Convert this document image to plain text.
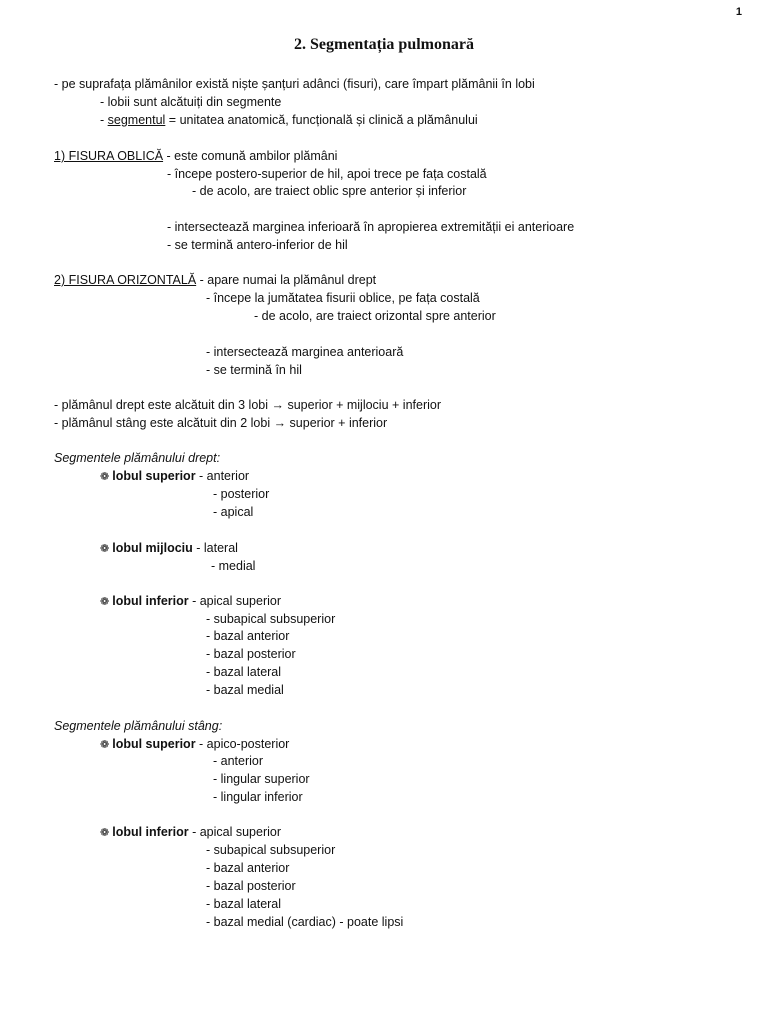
1
2. Segmentația pulmonară
- pe suprafața plămânilor există niște șanțuri adânci (fisuri), care împart plămânii în lobi
- lobii sunt alcătuiți din segmente
- segmentul = unitatea anatomică, funcțională și clinică a plămânului
1) FISURA OBLICĂ - este comună ambilor plămâni
- începe postero-superior de hil, apoi trece pe fața costală
- de acolo, are traiect oblic spre anterior și inferior
- intersectează marginea inferioară în apropierea extremității ei anterioare
- se termină antero-inferior de hil
2) FISURA ORIZONTALĂ - apare numai la plămânul drept
- începe la jumătatea fisurii oblice, pe fața costală
- de acolo, are traiect orizontal spre anterior
- intersectează marginea anterioară
- se termină în hil
- plămânul drept este alcătuit din 3 lobi → superior + mijlociu + inferior
- plămânul stâng este alcătuit din 2 lobi → superior + inferior
Segmentele plămânului drept:
❁ lobul superior - anterior
- posterior
- apical
❁ lobul mijlociu - lateral
- medial
❁ lobul inferior - apical superior
- subapical subsuperior
- bazal anterior
- bazal posterior
- bazal lateral
- bazal medial
Segmentele plămânului stâng:
❁ lobul superior - apico-posterior
- anterior
- lingular superior
- lingular inferior
❁ lobul inferior - apical superior
- subapical subsuperior
- bazal anterior
- bazal posterior
- bazal lateral
- bazal medial (cardiac) - poate lipsi
